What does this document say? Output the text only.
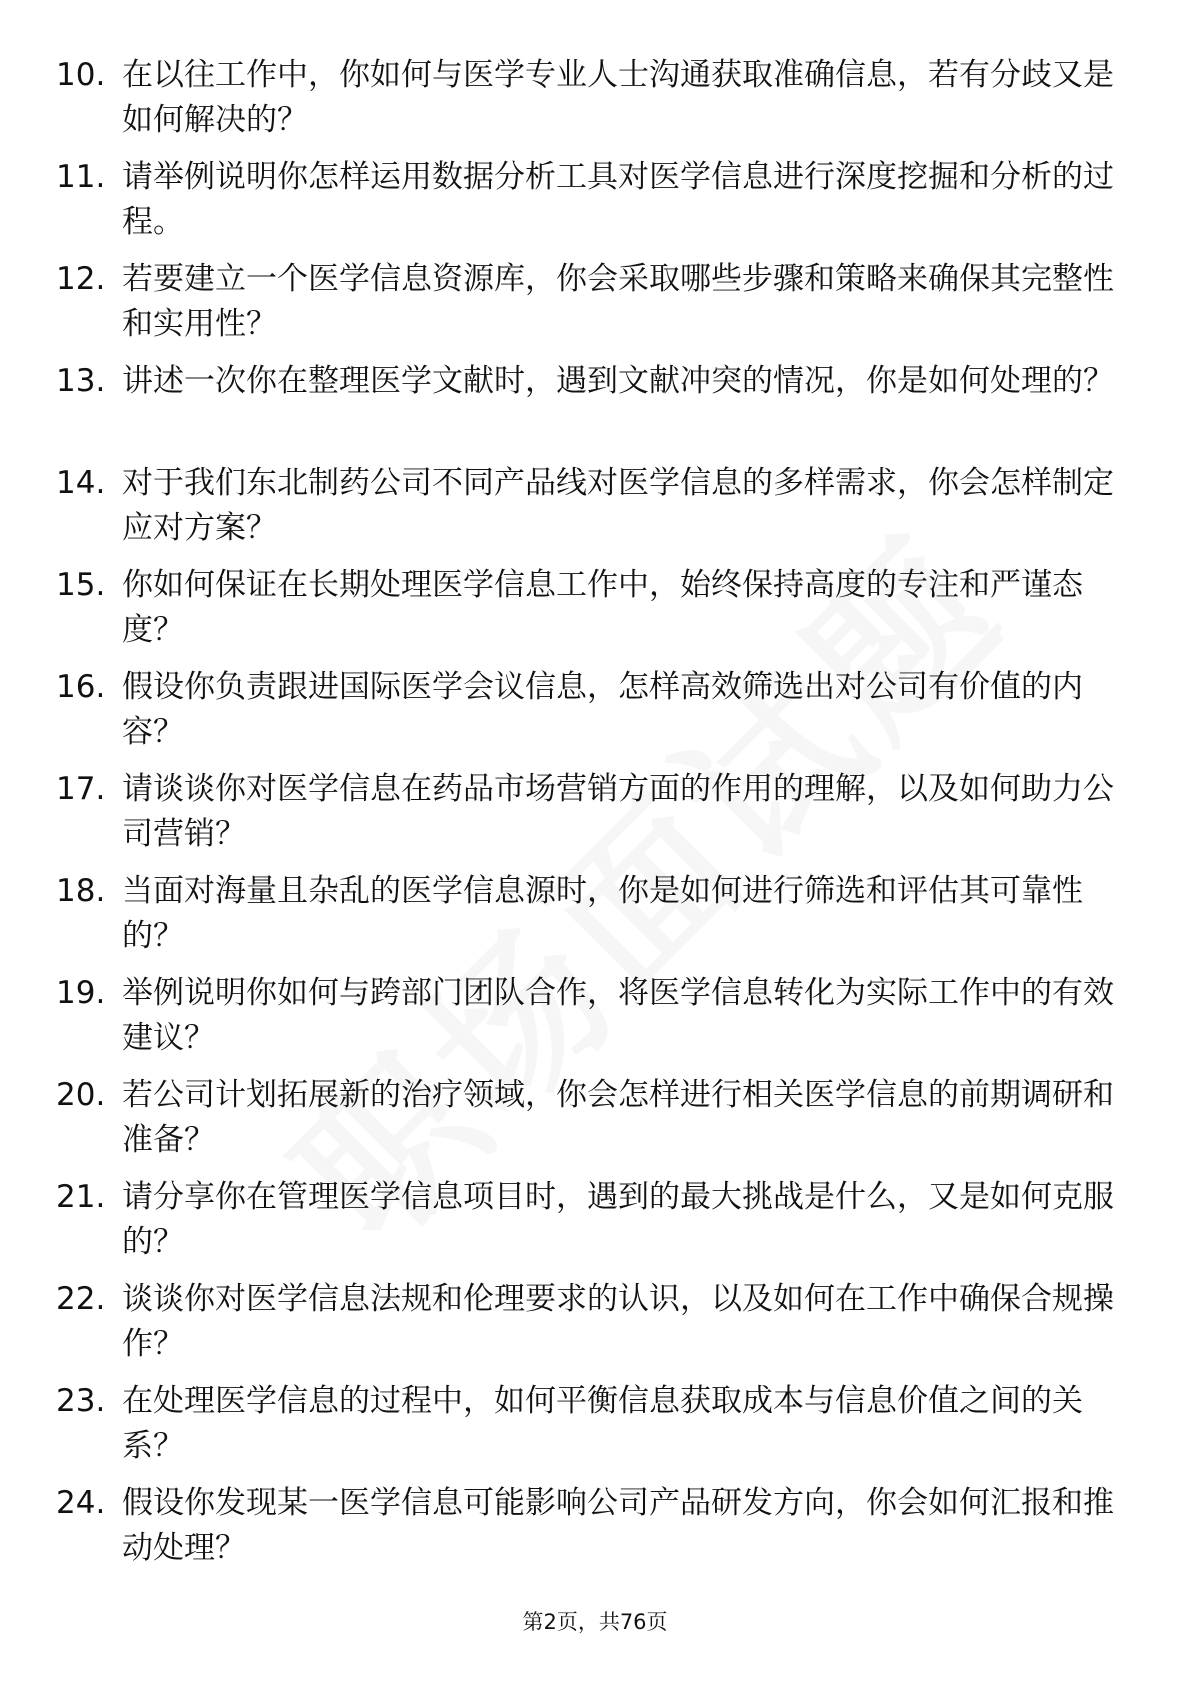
10. 在以往工作中，你如何与医学专业人士沟通获取准确信息，若有分歧又是如何解决的？
11. 请举例说明你怎样运用数据分析工具对医学信息进行深度挖掘和分析的过程。
12. 若要建立一个医学信息资源库，你会采取哪些步骤和策略来确保其完整性和实用性？
13. 讲述一次你在整理医学文献时，遇到文献冲突的情况，你是如何处理的？
14. 对于我们东北制药公司不同产品线对医学信息的多样需求，你会怎样制定应对方案？
15. 你如何保证在长期处理医学信息工作中，始终保持高度的专注和严谨态度？
16. 假设你负责跟进国际医学会议信息，怎样高效筛选出对公司有价值的内容？
17. 请谈谈你对医学信息在药品市场营销方面的作用的理解，以及如何助力公司营销？
18. 当面对海量且杂乱的医学信息源时，你是如何进行筛选和评估其可靠性的？
19. 举例说明你如何与跨部门团队合作，将医学信息转化为实际工作中的有效建议？
20. 若公司计划拓展新的治疗领域，你会怎样进行相关医学信息的前期调研和准备？
21. 请分享你在管理医学信息项目时，遇到的最大挑战是什么，又是如何克服的？
22. 谈谈你对医学信息法规和伦理要求的认识，以及如何在工作中确保合规操作？
23. 在处理医学信息的过程中，如何平衡信息获取成本与信息价值之间的关系？
24. 假设你发现某一医学信息可能影响公司产品研发方向，你会如何汇报和推动处理？
第2页，共76页
